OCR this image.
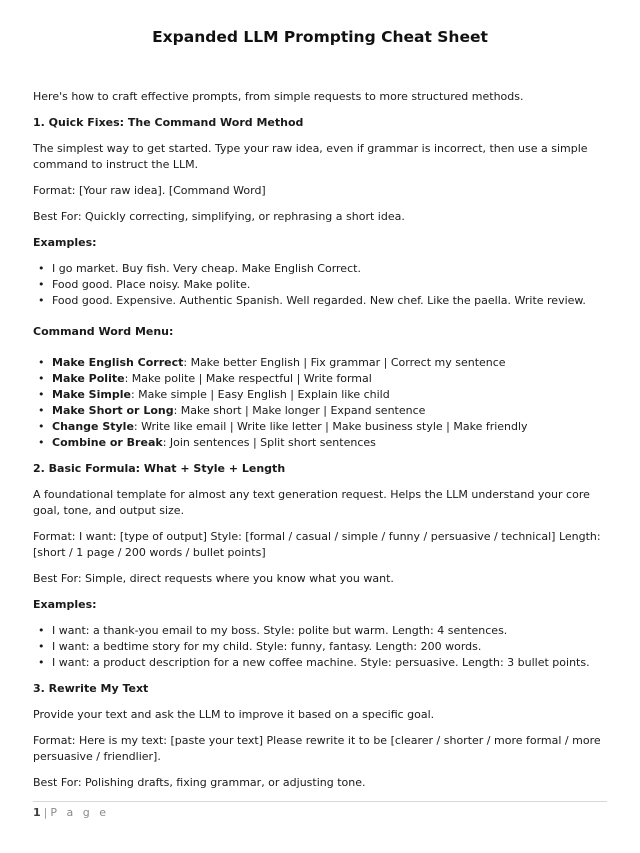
Expanded LLM Prompting Cheat Sheet

Here's how to craft effective prompts, from simple requests to more structured methods.

1. Quick Fixes: The Command Word Method

The simplest way to get started. Type your raw idea, even if grammar is incorrect, then use a simple command to instruct the LLM.

Format: [Your raw idea]. [Command Word]

Best For: Quickly correcting, simplifying, or rephrasing a short idea.

Examples:

• I go market. Buy fish. Very cheap. Make English Correct.
• Food good. Place noisy. Make polite.
• Food good. Expensive. Authentic Spanish. Well regarded. New chef. Like the paella. Write review.

Command Word Menu:

• Make English Correct: Make better English | Fix grammar | Correct my sentence
• Make Polite: Make polite | Make respectful | Write formal
• Make Simple: Make simple | Easy English | Explain like child
• Make Short or Long: Make short | Make longer | Expand sentence
• Change Style: Write like email | Write like letter | Make business style | Make friendly
• Combine or Break: Join sentences | Split short sentences
2. Basic Formula: What + Style + Length

A foundational template for almost any text generation request. Helps the LLM understand your core goal, tone, and output size.

Format: I want: [type of output] Style: [formal / casual / simple / funny / persuasive / technical] Length: [short / 1 page / 200 words / bullet points]

Best For: Simple, direct requests where you know what you want.

Examples:

• I want: a thank-you email to my boss. Style: polite but warm. Length: 4 sentences.
• I want: a bedtime story for my child. Style: funny, fantasy. Length: 200 words.
• I want: a product description for a new coffee machine. Style: persuasive. Length: 3 bullet points.
3. Rewrite My Text

Provide your text and ask the LLM to improve it based on a specific goal.

Format: Here is my text: [paste your text] Please rewrite it to be [clearer / shorter / more formal / more persuasive / friendlier].

Best For: Polishing drafts, fixing grammar, or adjusting tone.

1 | P a g e
